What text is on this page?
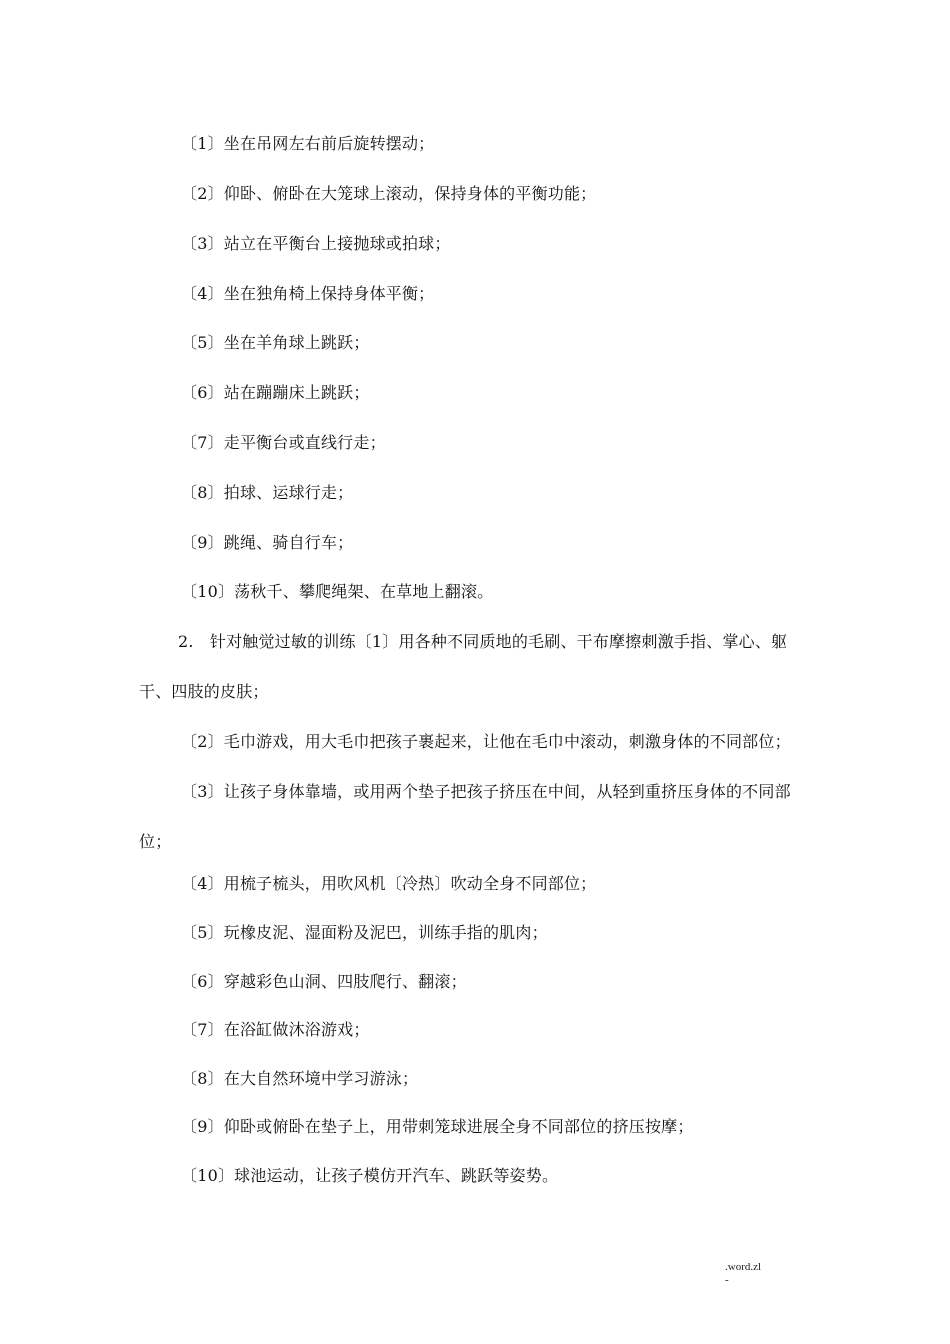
〔1〕坐在吊网左右前后旋转摆动；
〔2〕仰卧、俯卧在大笼球上滚动，保持身体的平衡功能；
〔3〕站立在平衡台上接抛球或拍球；
〔4〕坐在独角椅上保持身体平衡；
〔5〕坐在羊角球上跳跃；
〔6〕站在蹦蹦床上跳跃；
〔7〕走平衡台或直线行走；
〔8〕拍球、运球行走；
〔9〕跳绳、骑自行车；
〔10〕荡秋千、攀爬绳架、在草地上翻滚。
2.　针对触觉过敏的训练〔1〕用各种不同质地的毛刷、干布摩擦刺激手指、掌心、躯
干、四肢的皮肤；
〔2〕毛巾游戏，用大毛巾把孩子裹起来，让他在毛巾中滚动，刺激身体的不同部位；
〔3〕让孩子身体靠墙，或用两个垫子把孩子挤压在中间，从轻到重挤压身体的不同部
位；
〔4〕用梳子梳头，用吹风机〔冷热〕吹动全身不同部位；
〔5〕玩橡皮泥、湿面粉及泥巴，训练手指的肌肉；
〔6〕穿越彩色山洞、四肢爬行、翻滚；
〔7〕在浴缸做沐浴游戏；
〔8〕在大自然环境中学习游泳；
〔9〕仰卧或俯卧在垫子上，用带刺笼球进展全身不同部位的挤压按摩；
〔10〕球池运动，让孩子模仿开汽车、跳跃等姿势。
.word.zl
-
